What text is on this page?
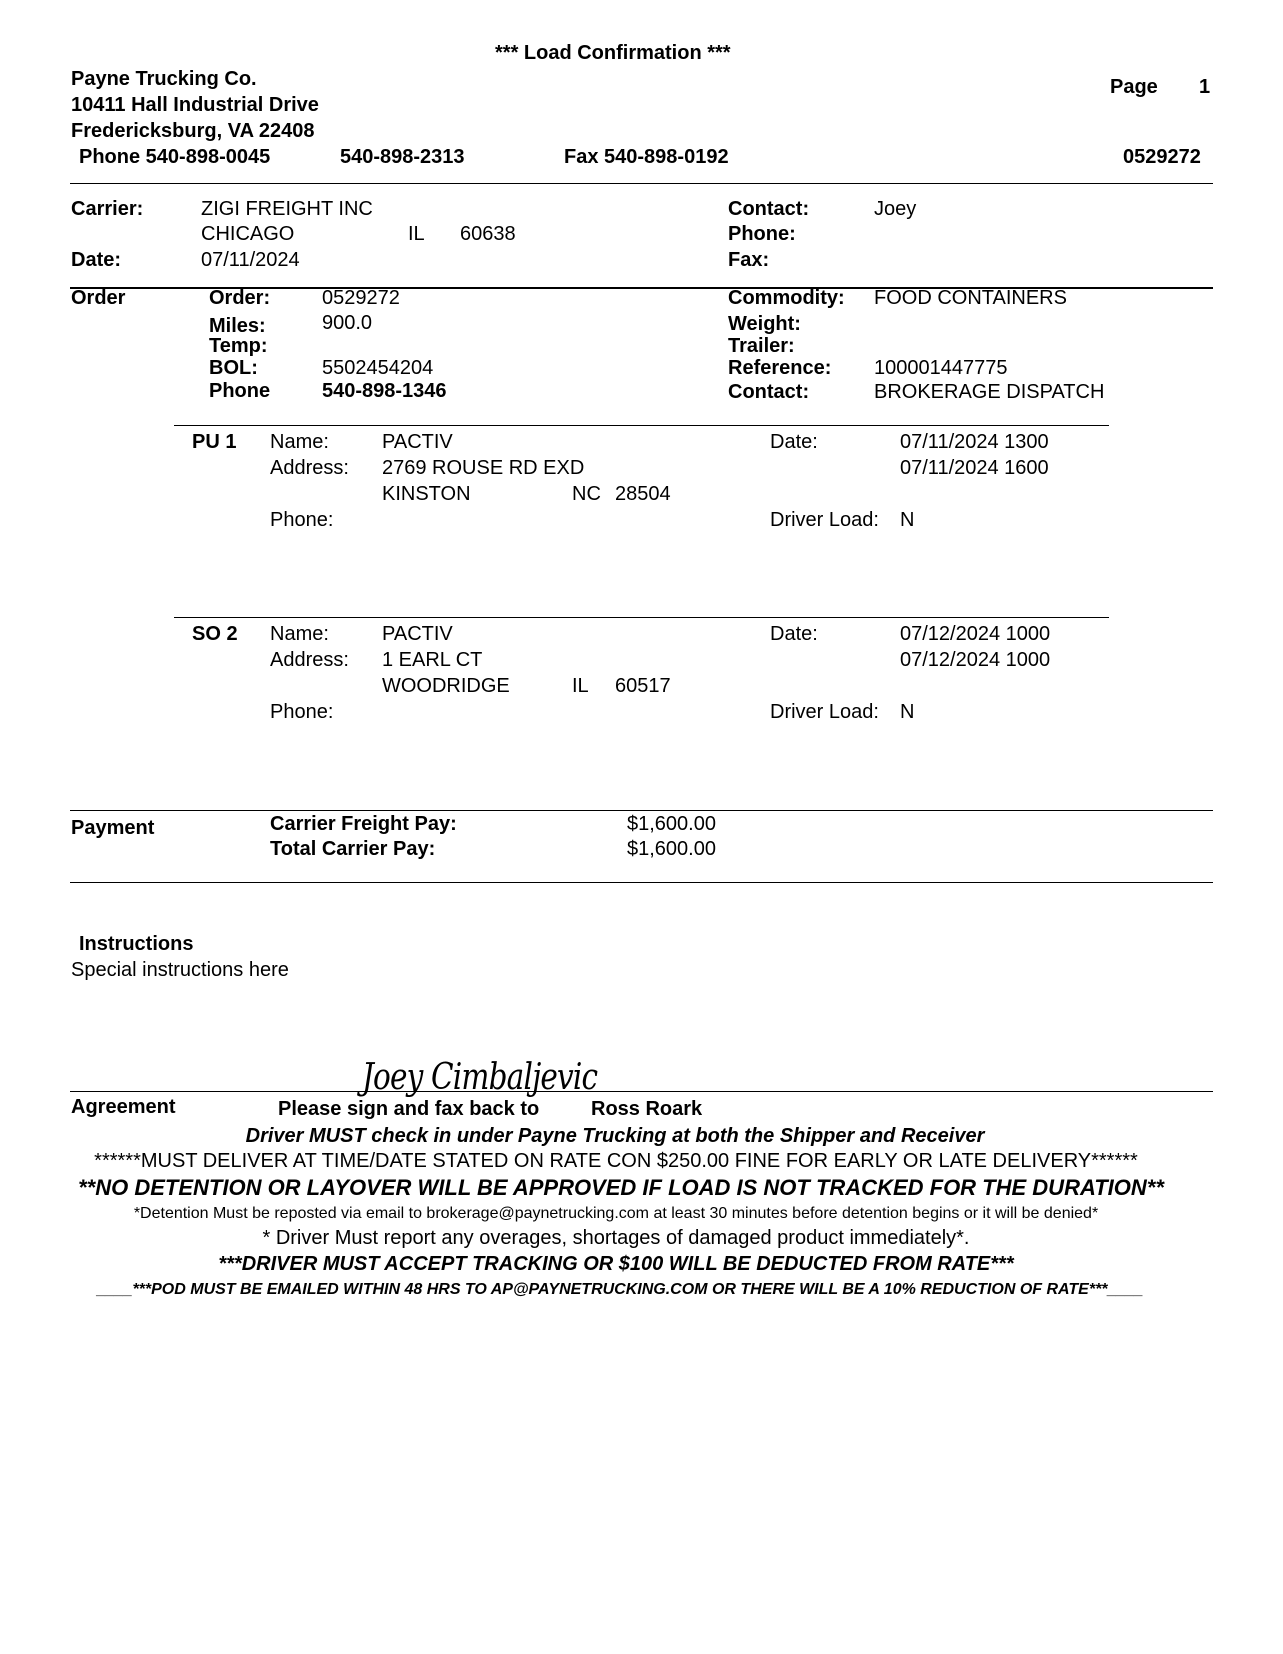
*** Load Confirmation ***
Payne Trucking Co.
10411 Hall Industrial Drive
Fredericksburg, VA 22408
Phone 540-898-0045	540-898-2313	Fax 540-898-0192
Page 1
0529272
Carrier:	ZIGI FREIGHT INC
CHICAGO	IL 60638
Date:	07/11/2024
Contact:	Joey
Phone:
Fax:
Order	Order:	0529272
Miles:	900.0
Temp:
BOL:	5502454204
Phone	540-898-1346
Commodity: FOOD CONTAINERS
Weight:
Trailer:
Reference: 100001447775
Contact:	BROKERAGE DISPATCH
PU 1 Name:	PACTIV
Address: 2769 ROUSE RD EXD
KINSTON	NC 28504
Phone:
Date:	07/11/2024 1300
07/11/2024 1600
Driver Load: N
SO 2 Name:	PACTIV
Address: 1 EARL CT
WOODRIDGE	IL 60517
Phone:
Date:	07/12/2024 1000
07/12/2024 1000
Driver Load: N
Payment	Carrier Freight Pay:	$1,600.00
Total Carrier Pay:	$1,600.00
Instructions
Special instructions here
Joey Cimbaljevic
Agreement	Please sign and fax back to	Ross Roark
Driver MUST check in under Payne Trucking at both the Shipper and Receiver
******MUST DELIVER AT TIME/DATE STATED ON RATE CON $250.00 FINE FOR EARLY OR LATE DELIVERY******
**NO DETENTION OR LAYOVER WILL BE APPROVED IF LOAD IS NOT TRACKED FOR THE DURATION**
*Detention Must be reposted via email to brokerage@paynetrucking.com at least 30 minutes before detention begins or it will be denied*
* Driver Must report any overages, shortages of damaged product immediately*.
***DRIVER MUST ACCEPT TRACKING OR $100 WILL BE DEDUCTED FROM RATE***
____***POD MUST BE EMAILED WITHIN 48 HRS TO AP@PAYNETRUCKING.COM OR THERE WILL BE A 10% REDUCTION OF RATE***____
